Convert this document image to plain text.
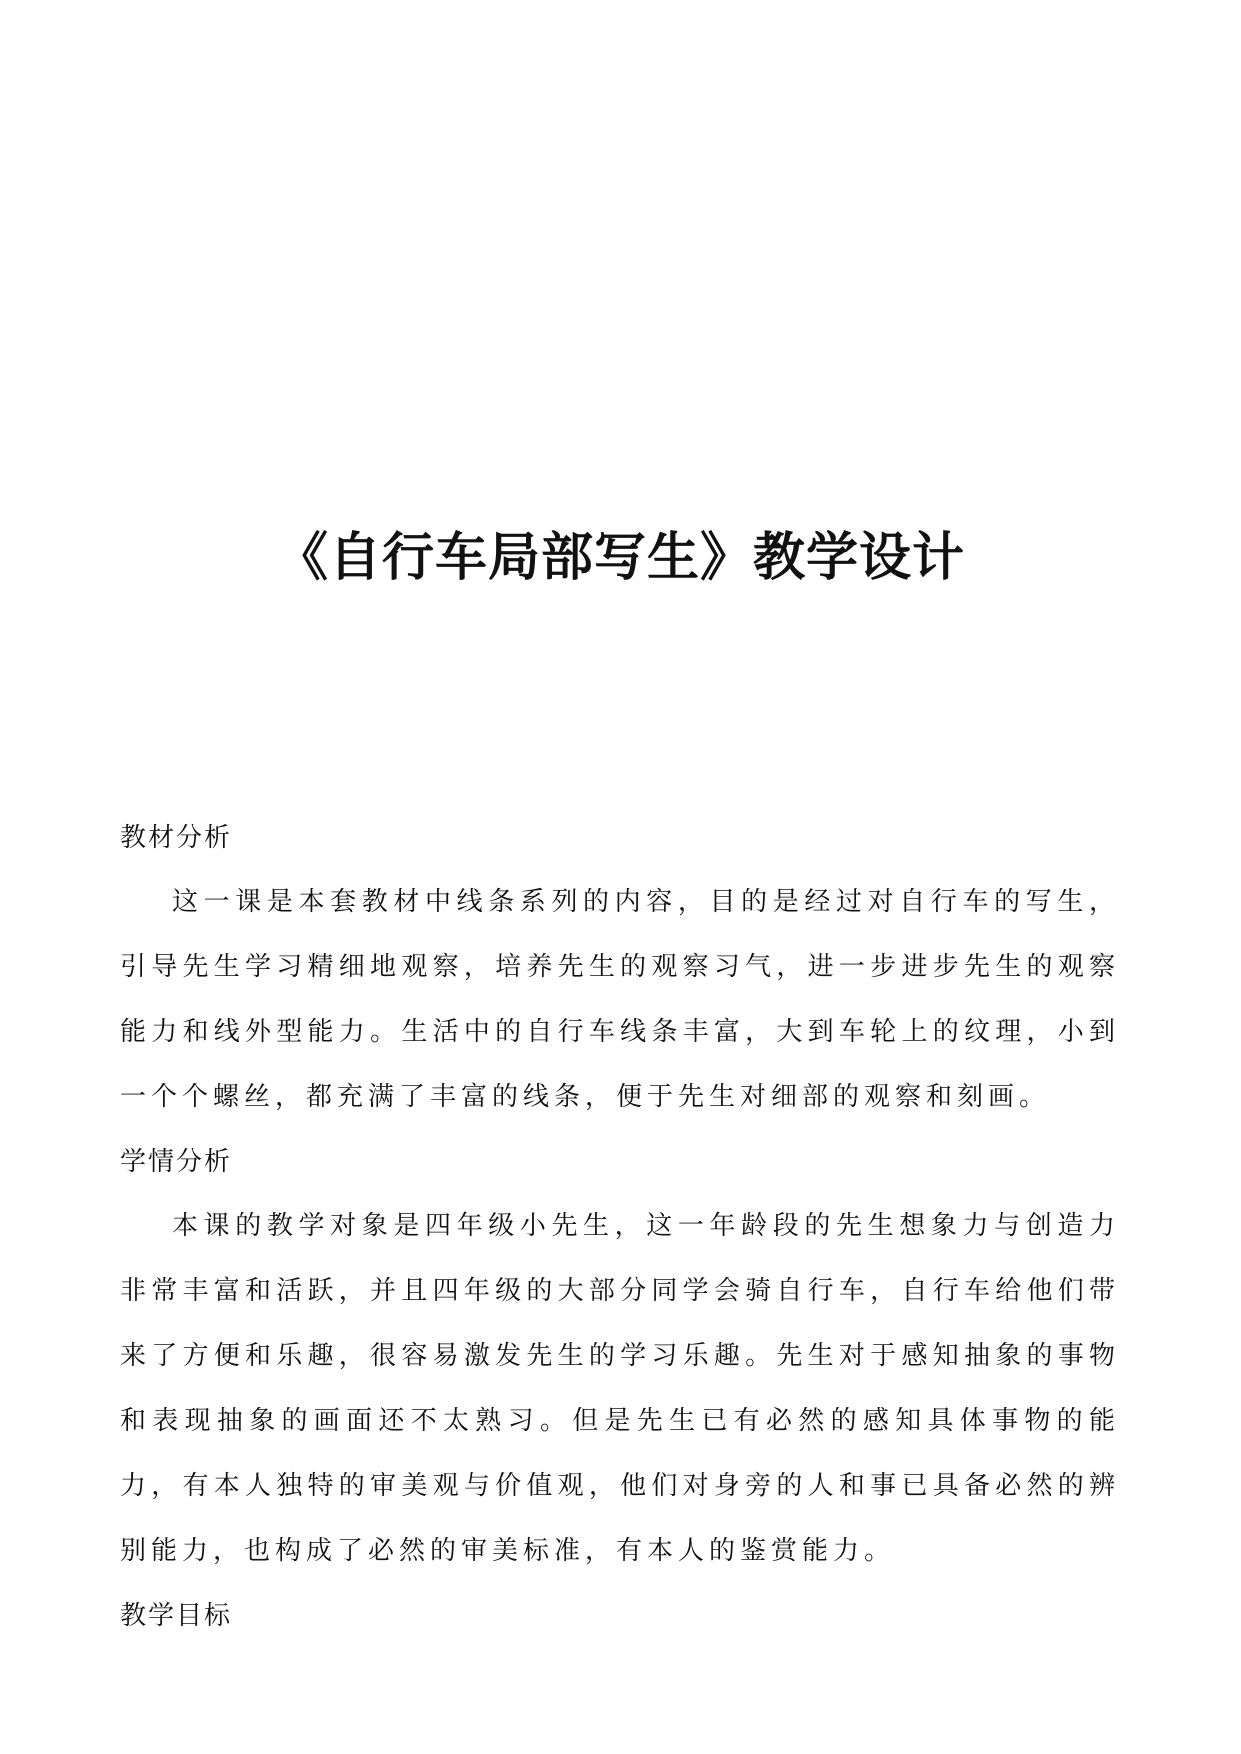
《自行车局部写生》教学设计
教材分析

这一课是本套教材中线条系列的内容，目的是经过对自行车的写生，引导先生学习精细地观察，培养先生的观察习气，进一步进步先生的观察能力和线外型能力。生活中的自行车线条丰富，大到车轮上的纹理，小到一个个螺丝，都充满了丰富的线条，便于先生对细部的观察和刻画。

学情分析

本课的教学对象是四年级小先生，这一年龄段的先生想象力与创造力非常丰富和活跃，并且四年级的大部分同学会骑自行车，自行车给他们带来了方便和乐趣，很容易激发先生的学习乐趣。先生对于感知抽象的事物和表现抽象的画面还不太熟习。但是先生已有必然的感知具体事物的能力，有本人独特的审美观与价值观，他们对身旁的人和事已具备必然的辨别能力，也构成了必然的审美标准，有本人的鉴赏能力。

教学目标
